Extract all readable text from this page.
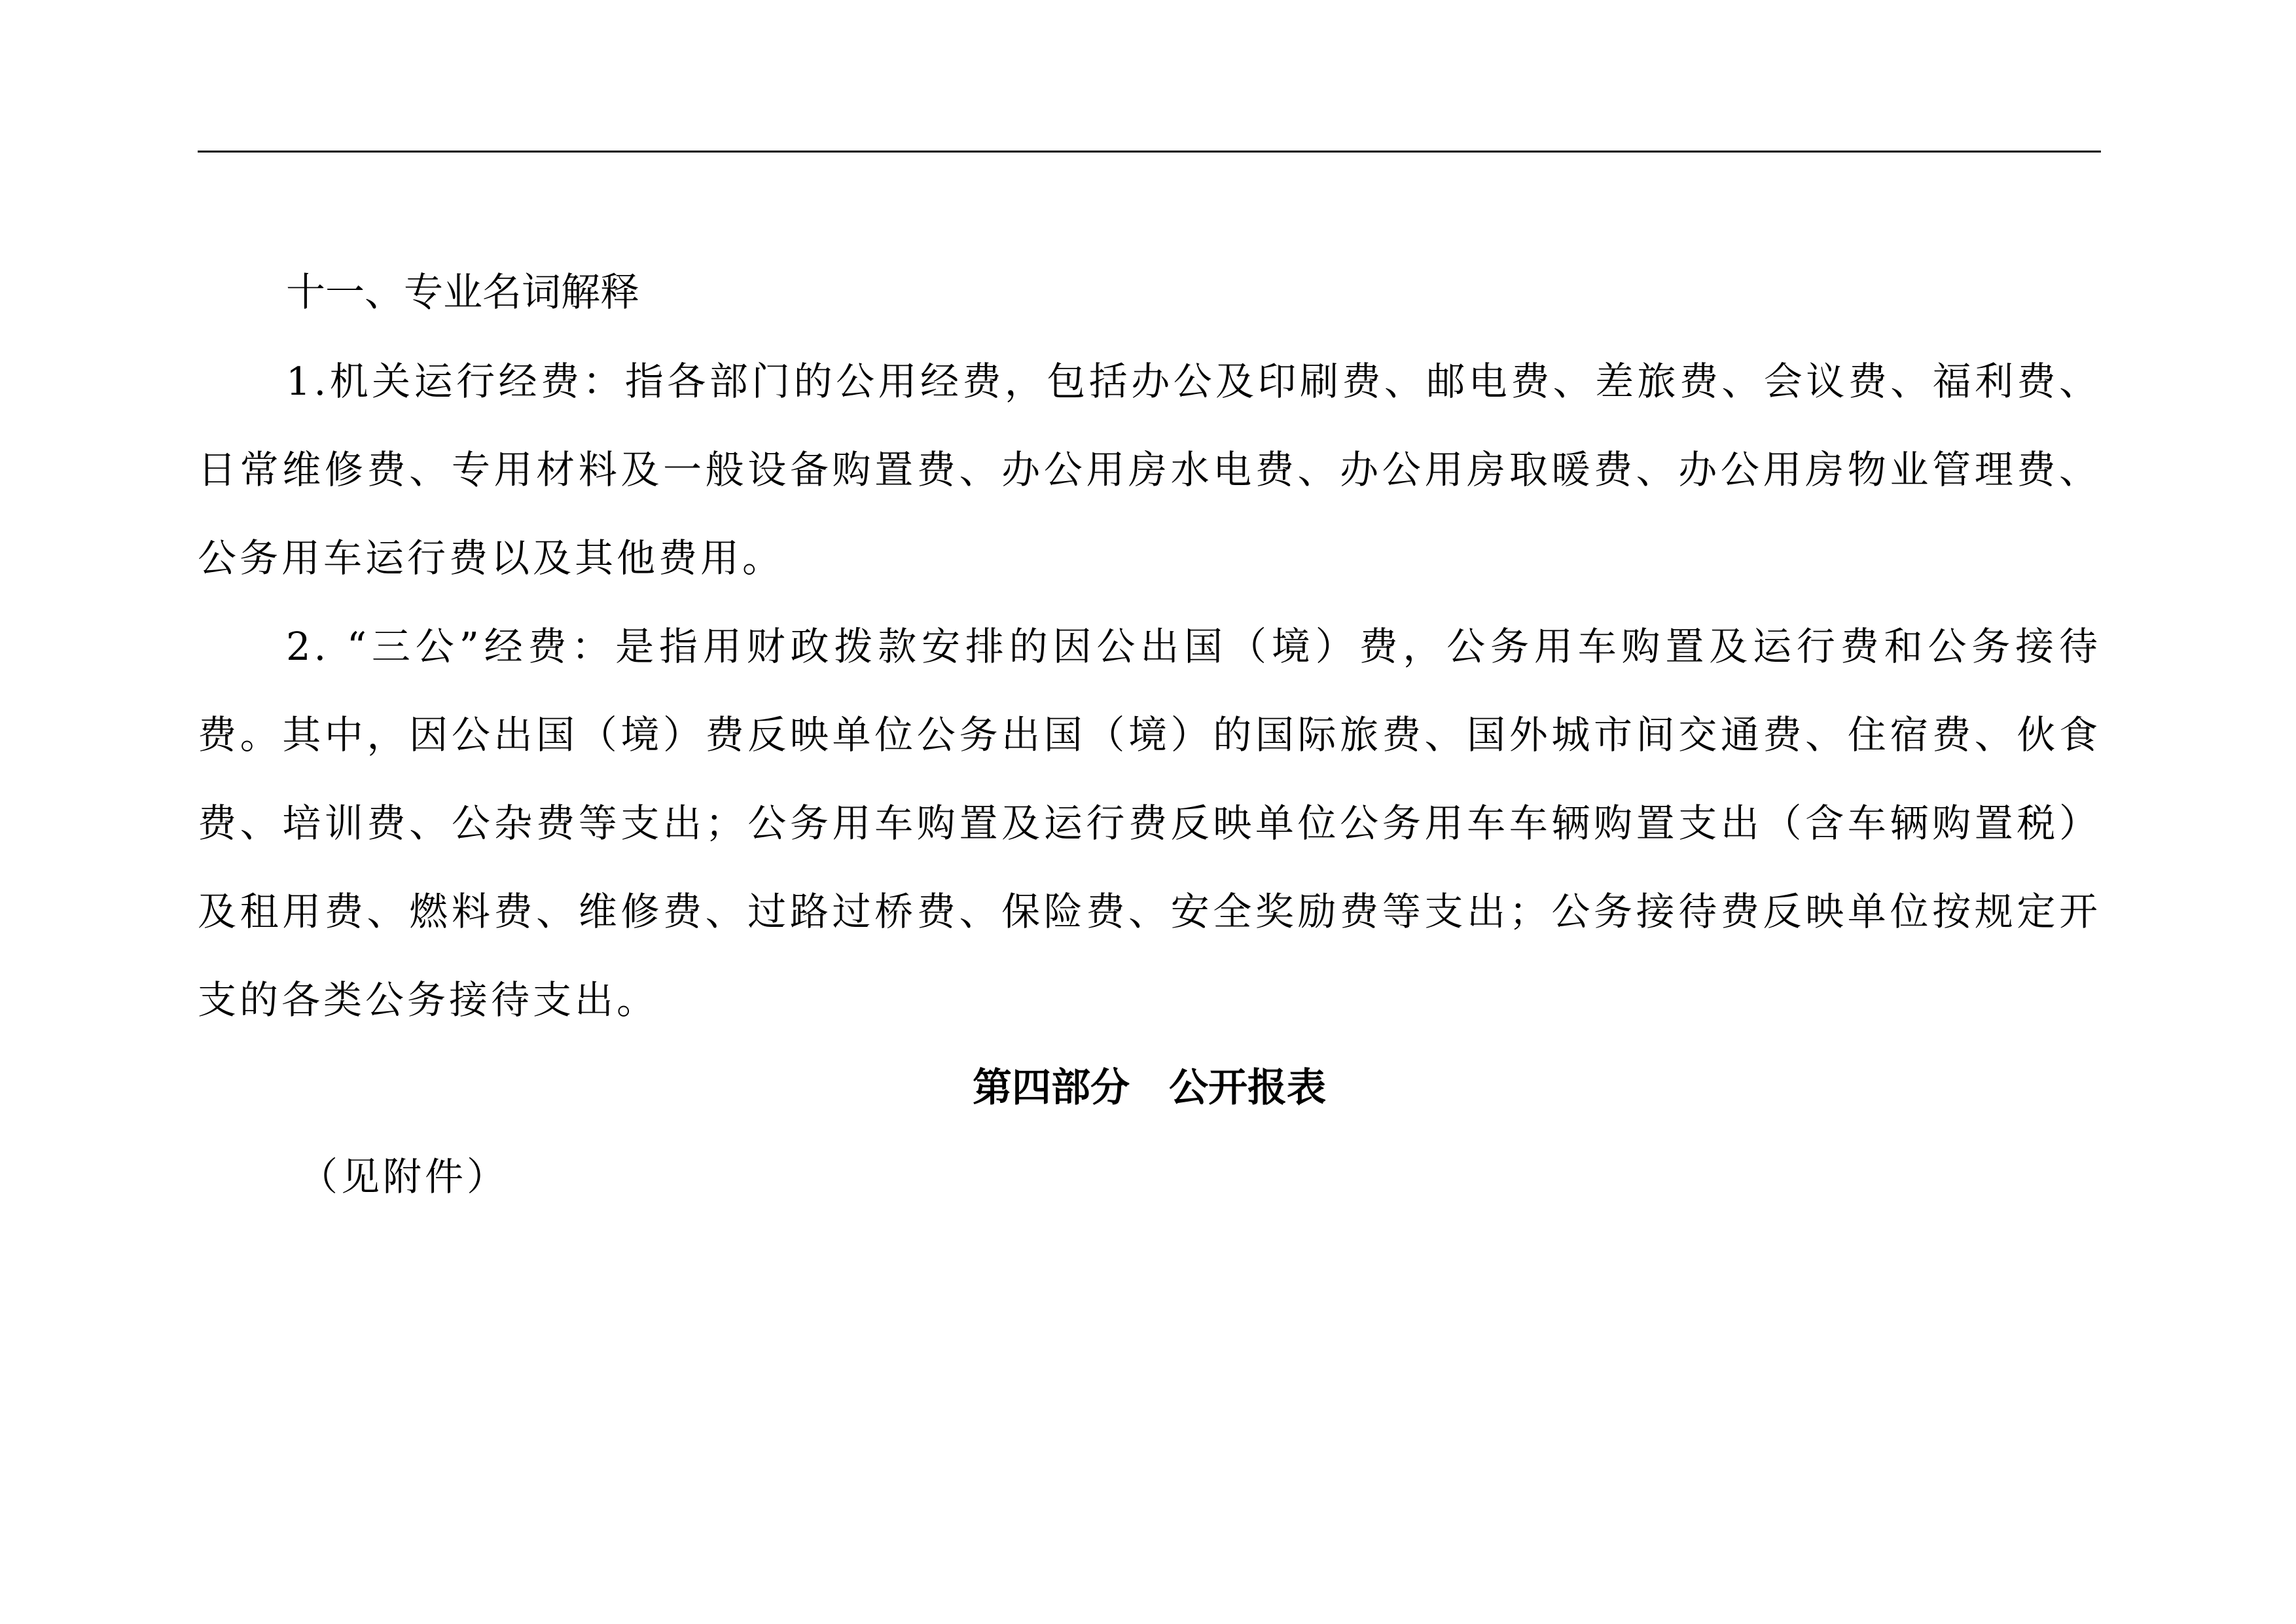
十一、专业名词解释

1.机关运行经费：指各部门的公用经费，包括办公及印刷费、邮电费、差旅费、会议费、福利费、日常维修费、专用材料及一般设备购置费、办公用房水电费、办公用房取暖费、办公用房物业管理费、公务用车运行费以及其他费用。

2. “三公”经费：是指用财政拨款安排的因公出国（境）费，公务用车购置及运行费和公务接待费。其中，因公出国（境）费反映单位公务出国（境）的国际旅费、国外城市间交通费、住宿费、伙食费、培训费、公杂费等支出；公务用车购置及运行费反映单位公务用车车辆购置支出（含车辆购置税）及租用费、燃料费、维修费、过路过桥费、保险费、安全奖励费等支出；公务接待费反映单位按规定开支的各类公务接待支出。

第四部分　公开报表

（见附件）
